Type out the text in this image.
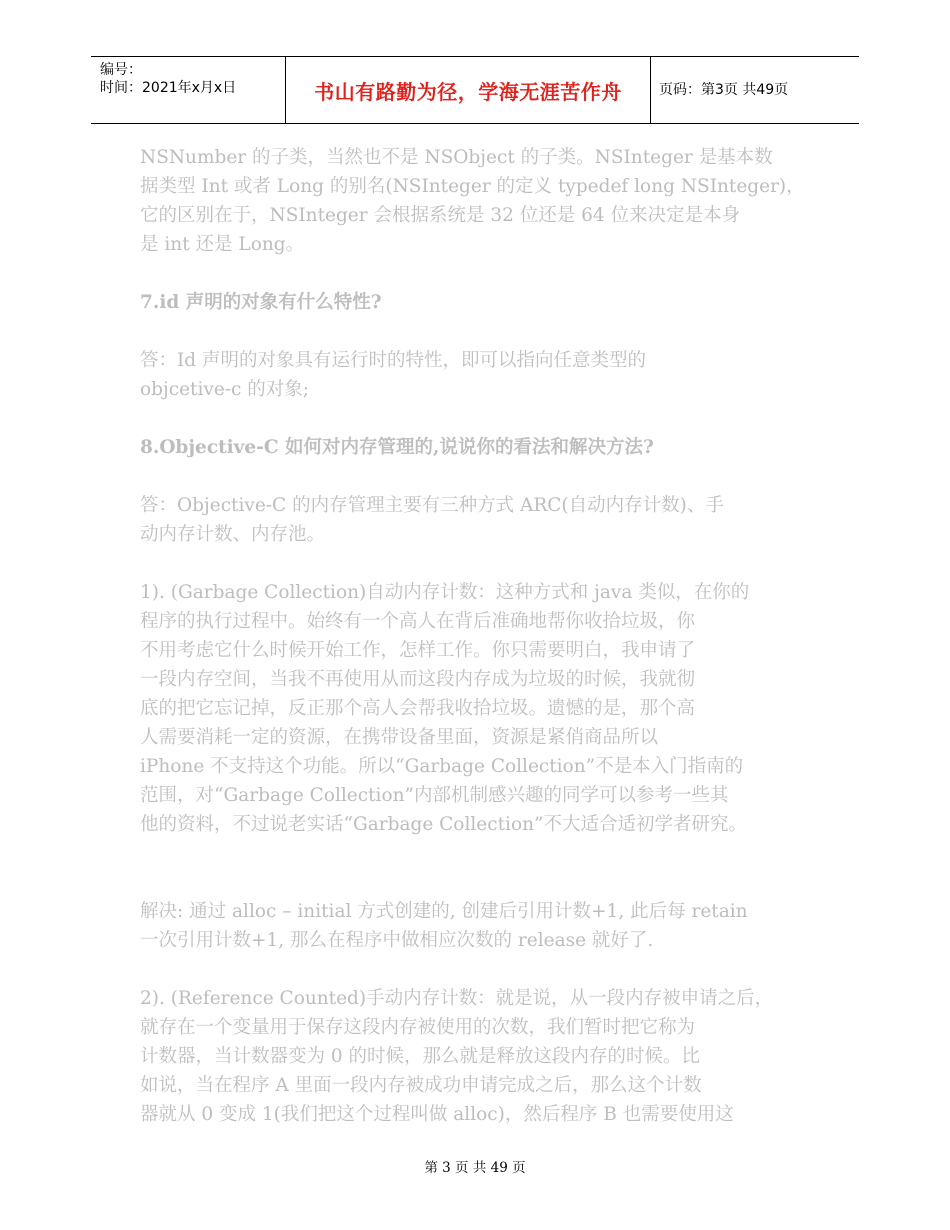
编号：
时间：2021年x月x日	书山有路勤为径，学海无涯苦作舟	页码：第3页 共49页

NSNumber 的子类，当然也不是 NSObject 的子类。NSInteger 是基本数

据类型 Int 或者 Long 的别名(NSInteger 的定义 typedef long NSInteger)，

它的区别在于，NSInteger 会根据系统是 32 位还是 64 位来决定是本身

是 int 还是 Long。

7.id 声明的对象有什么特性?

答：Id 声明的对象具有运行时的特性，即可以指向任意类型的

objcetive-c 的对象;

8.Objective-C 如何对内存管理的,说说你的看法和解决方法?

答：Objective-C 的内存管理主要有三种方式 ARC(自动内存计数)、手

动内存计数、内存池。

1). (Garbage Collection)自动内存计数：这种方式和 java 类似，在你的

程序的执行过程中。始终有一个高人在背后准确地帮你收拾垃圾，你

不用考虑它什么时候开始工作，怎样工作。你只需要明白，我申请了

一段内存空间，当我不再使用从而这段内存成为垃圾的时候，我就彻

底的把它忘记掉，反正那个高人会帮我收拾垃圾。遗憾的是，那个高

人需要消耗一定的资源，在携带设备里面，资源是紧俏商品所以

iPhone 不支持这个功能。所以“Garbage Collection”不是本入门指南的

范围，对“Garbage Collection”内部机制感兴趣的同学可以参考一些其

他的资料，不过说老实话“Garbage Collection”不大适合适初学者研究。

解决: 通过 alloc – initial 方式创建的, 创建后引用计数+1, 此后每 retain

一次引用计数+1, 那么在程序中做相应次数的 release 就好了.

2). (Reference Counted)手动内存计数：就是说，从一段内存被申请之后，

就存在一个变量用于保存这段内存被使用的次数，我们暂时把它称为

计数器，当计数器变为 0 的时候，那么就是释放这段内存的时候。比

如说，当在程序 A 里面一段内存被成功申请完成之后，那么这个计数

器就从 0 变成 1(我们把这个过程叫做 alloc)，然后程序 B 也需要使用这

第 3 页 共 49 页
